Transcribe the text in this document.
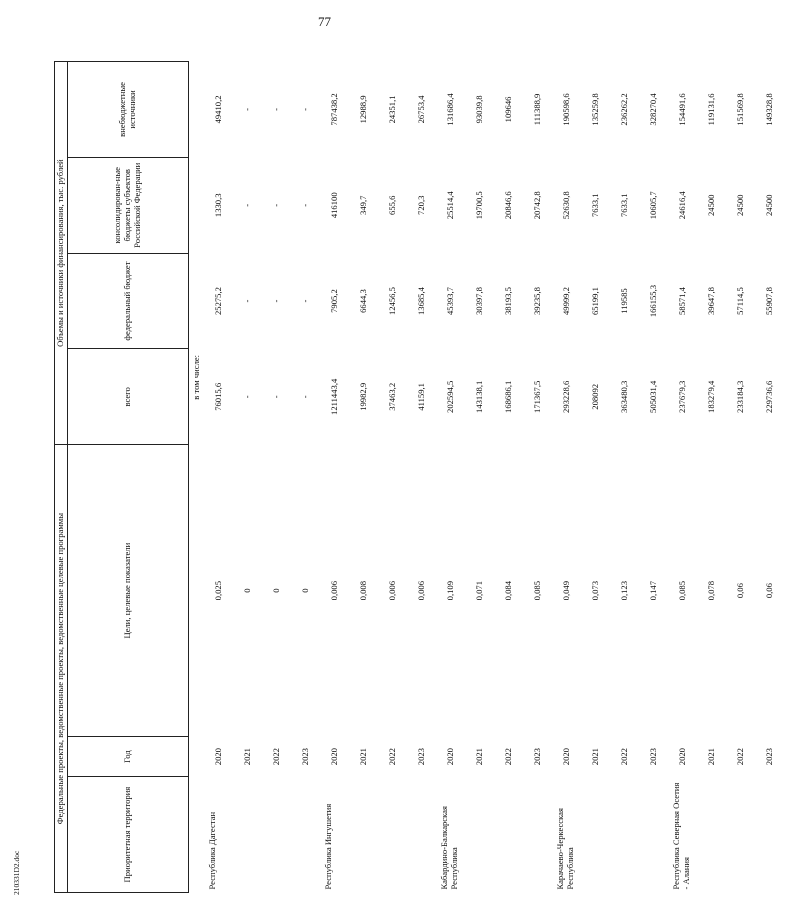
77
210331D2.doc
Федеральные проекты, ведомственные проекты, ведомственные целевые программы			Объемы и источники финансирования, тыс. рублей			
Приоритетная территория	Год	Цели, целевые показатели	всего	федеральный бюджет	консолидирован-ные бюджеты субъектов Российской Федерации	внебюджетные источники
		в том числе:				
Республика Дагестан	2020	0,025	76015,6	25275,2	1330,3	49410,2
	2021	0	-	-	-	-
	2022	0	-	-	-	-
	2023	0	-	-	-	-
Республика Ингушетия	2020	0,006	1211443,4	7905,2	416100	787438,2
	2021	0,008	19982,9	6644,3	349,7	12988,9
	2022	0,006	37463,2	12456,5	655,6	24351,1
	2023	0,006	41159,1	13685,4	720,3	26753,4
Кабардино-Балкарская Республика	2020	0,109	202594,5	45393,7	25514,4	131686,4
	2021	0,071	143138,1	30397,8	19700,5	93039,8
	2022	0,084	168686,1	38193,5	20846,6	109646
	2023	0,085	171367,5	39235,8	20742,8	111388,9
Карачаево-Черкесская Республика	2020	0,049	293228,6	49999,2	52630,8	190598,6
	2021	0,073	208092	65199,1	7633,1	135259,8
	2022	0,123	363480,3	119585	7633,1	236262,2
	2023	0,147	505031,4	166155,3	10605,7	328270,4
Республика Северная Осетия - Алания	2020	0,085	237679,3	58571,4	24616,4	154491,6
	2021	0,078	183279,4	39647,8	24500	119131,6
	2022	0,06	233184,3	57114,5	24500	151569,8
	2023	0,06	229736,6	55907,8	24500	149328,8
